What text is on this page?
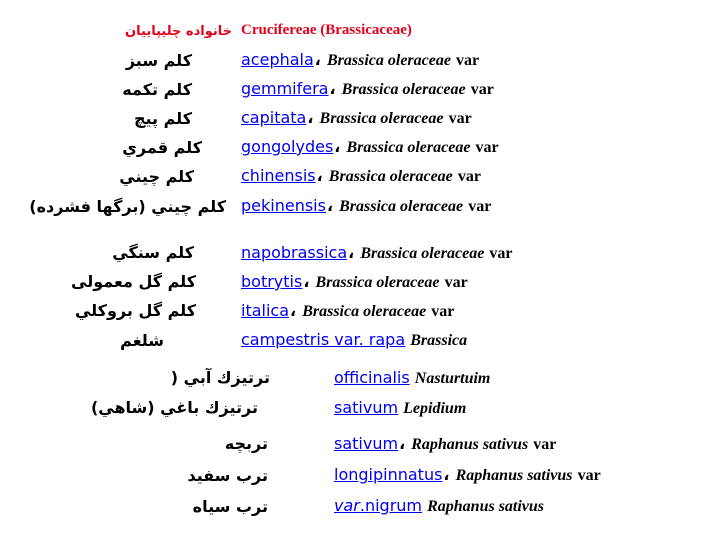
خانواده چليپاييان Crucifereae (Brassicaceae)
كلم سبز	acephala، Brassica oleraceae var
كلم تكمه	gemmifera، Brassica oleraceae var
كلم پيچ	capitata، Brassica oleraceae var
كلم قمري gongolydes، Brassica oleraceae var
كلم چيني	chinensis، Brassica oleraceae var
كلم چيني (برگها فشرده) pekinensis، Brassica oleraceae var
كلم سنگي	napobrassica، Brassica oleraceae var
كلم گل معمولی	botrytis، Brassica oleraceae var
كلم گل بروكلي	italica، Brassica oleraceae var
شلغم	campestris var. rapa Brassica
ترتيزك آبي (	officinalis Nasturtuim
ترتيزك باغي (شاهي)	sativum Lepidium
تربچه	sativum، Raphanus sativus var
ترب سفيد	longipinnatus، Raphanus sativus var
ترب سياه	var.nigrum Raphanus sativus
